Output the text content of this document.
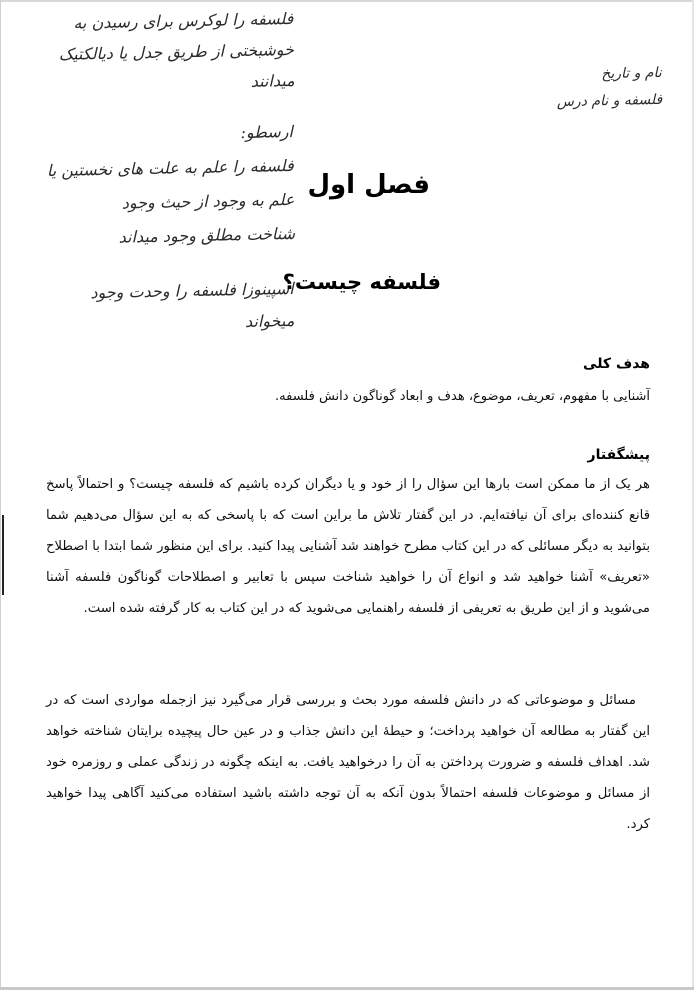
فلسفه را لوکرس برای رسیدن به
خوشبختی از طریق جدل یا دیالکتیک
میدانند	نام و تاریخ
فلسفه و نام درس
ارسطو:
فلسفه را علم به علت های نخستین یا
علم به وجود از حیث وجود
شناخت مطلق وجود میداند
اسپینوزا فلسفه را وحدت وجود
میخواند
فصل اول
فلسفه چیست؟
هدف کلی
آشنایی با مفهوم، تعریف، موضوع، هدف و ابعاد گوناگون دانش فلسفه.
پیشگفتار
هر یک از ما ممکن است بارها این سؤال را از خود و یا دیگران کرده باشیم که فلسفه چیست؟ و احتمالاً پاسخ قانع کننده‌ای برای آن نیافته‌ایم. در این گفتار تلاش ما براین است که با پاسخی که به این سؤال می‌دهیم شما بتوانید به دیگر مسائلی که در این کتاب مطرح خواهند شد آشنایی پیدا کنید. برای این منظور شما ابتدا با اصطلاح «تعریف» آشنا خواهید شد و انواع آن را خواهید شناخت سپس با تعابیر و اصطلاحات گوناگون فلسفه آشنا می‌شوید و از این طریق به تعریفی از فلسفه راهنمایی می‌شوید که در این کتاب به کار گرفته شده است.
مسائل و موضوعاتی که در دانش فلسفه مورد بحث و بررسی قرار می‌گیرد نیز ازجمله مواردی است که در این گفتار به مطالعه آن خواهید پرداخت؛ و حیطهٔ این دانش جذاب و در عین حال پیچیده برایتان شناخته خواهد شد. اهداف فلسفه و ضرورت پرداختن به آن را درخواهید یافت. به اینکه چگونه در زندگی عملی و روزمره خود از مسائل و موضوعات فلسفه احتمالاً بدون آنکه به آن توجه داشته باشید استفاده می‌کنید آگاهی پیدا خواهید کرد.
